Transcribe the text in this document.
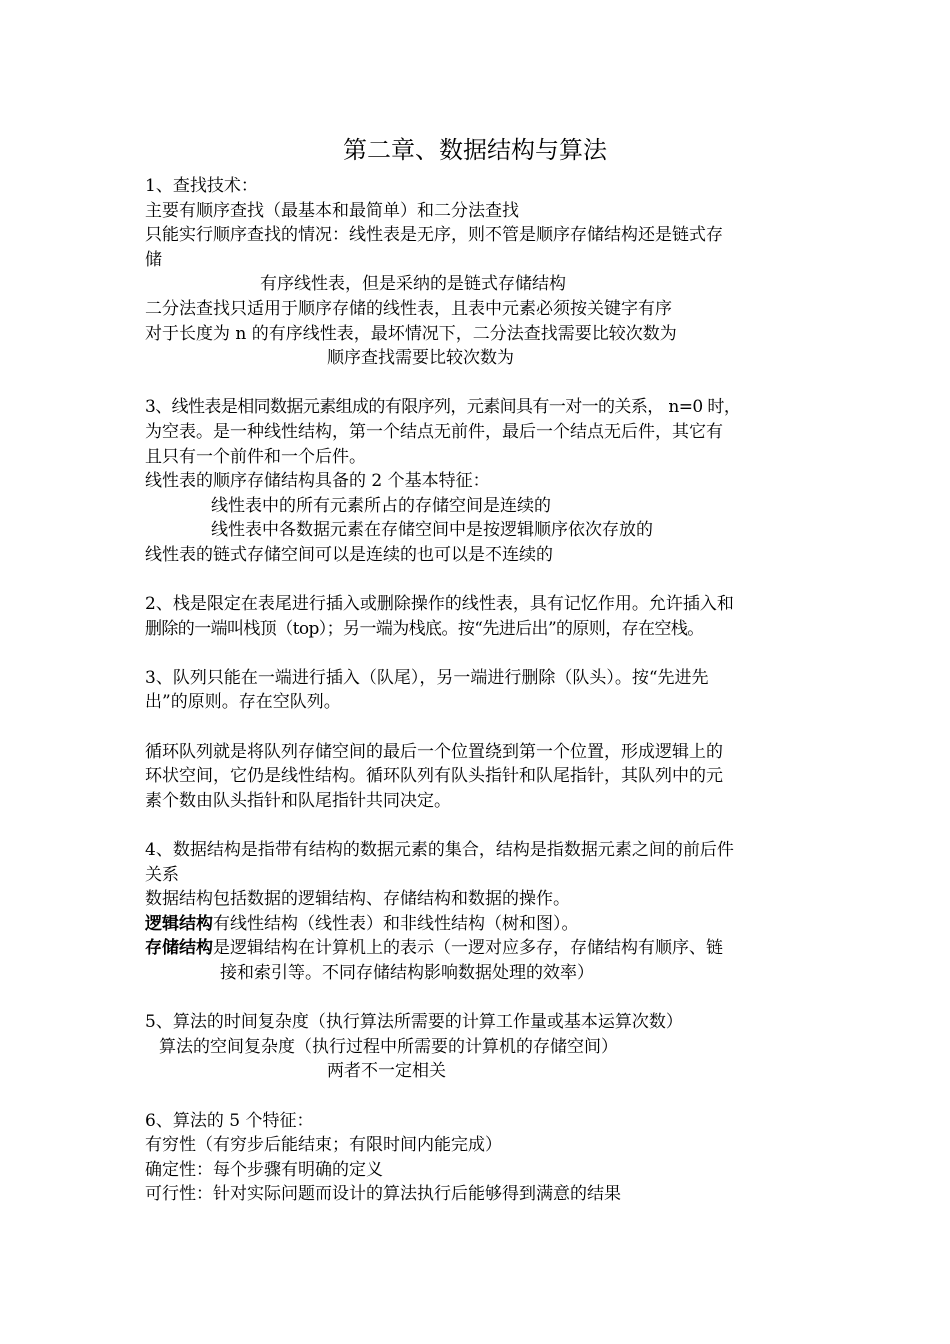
第二章、数据结构与算法
1、查找技术：
主要有顺序查找（最基本和最简单）和二分法查找
只能实行顺序查找的情况：线性表是无序，则不管是顺序存储结构还是链式存
储
有序线性表，但是采纳的是链式存储结构
二分法查找只适用于顺序存储的线性表，且表中元素必须按关键字有序
对于长度为 n 的有序线性表，最坏情况下，二分法查找需要比较次数为
顺序查找需要比较次数为
3、线性表是相同数据元素组成的有限序列，元素间具有一对一的关系， n=0 时，
为空表。是一种线性结构，第一个结点无前件，最后一个结点无后件，其它有
且只有一个前件和一个后件。
线性表的顺序存储结构具备的 2 个基本特征：
线性表中的所有元素所占的存储空间是连续的
线性表中各数据元素在存储空间中是按逻辑顺序依次存放的
线性表的链式存储空间可以是连续的也可以是不连续的
2、栈是限定在表尾进行插入或删除操作的线性表，具有记忆作用。允许插入和
删除的一端叫栈顶（top）；另一端为栈底。按“先进后出”的原则，存在空栈。
3、队列只能在一端进行插入（队尾），另一端进行删除（队头）。按“先进先
出”的原则。存在空队列。
循环队列就是将队列存储空间的最后一个位置绕到第一个位置，形成逻辑上的
环状空间，它仍是线性结构。循环队列有队头指针和队尾指针，其队列中的元
素个数由队头指针和队尾指针共同决定。
4、数据结构是指带有结构的数据元素的集合，结构是指数据元素之间的前后件
关系
数据结构包括数据的逻辑结构、存储结构和数据的操作。
逻辑结构有线性结构（线性表）和非线性结构（树和图）。
存储结构是逻辑结构在计算机上的表示（一逻对应多存，存储结构有顺序、链
接和索引等。不同存储结构影响数据处理的效率）
5、算法的时间复杂度（执行算法所需要的计算工作量或基本运算次数）
算法的空间复杂度（执行过程中所需要的计算机的存储空间）
两者不一定相关
6、算法的 5 个特征：
有穷性（有穷步后能结束；有限时间内能完成）
确定性：每个步骤有明确的定义
可行性：针对实际问题而设计的算法执行后能够得到满意的结果
